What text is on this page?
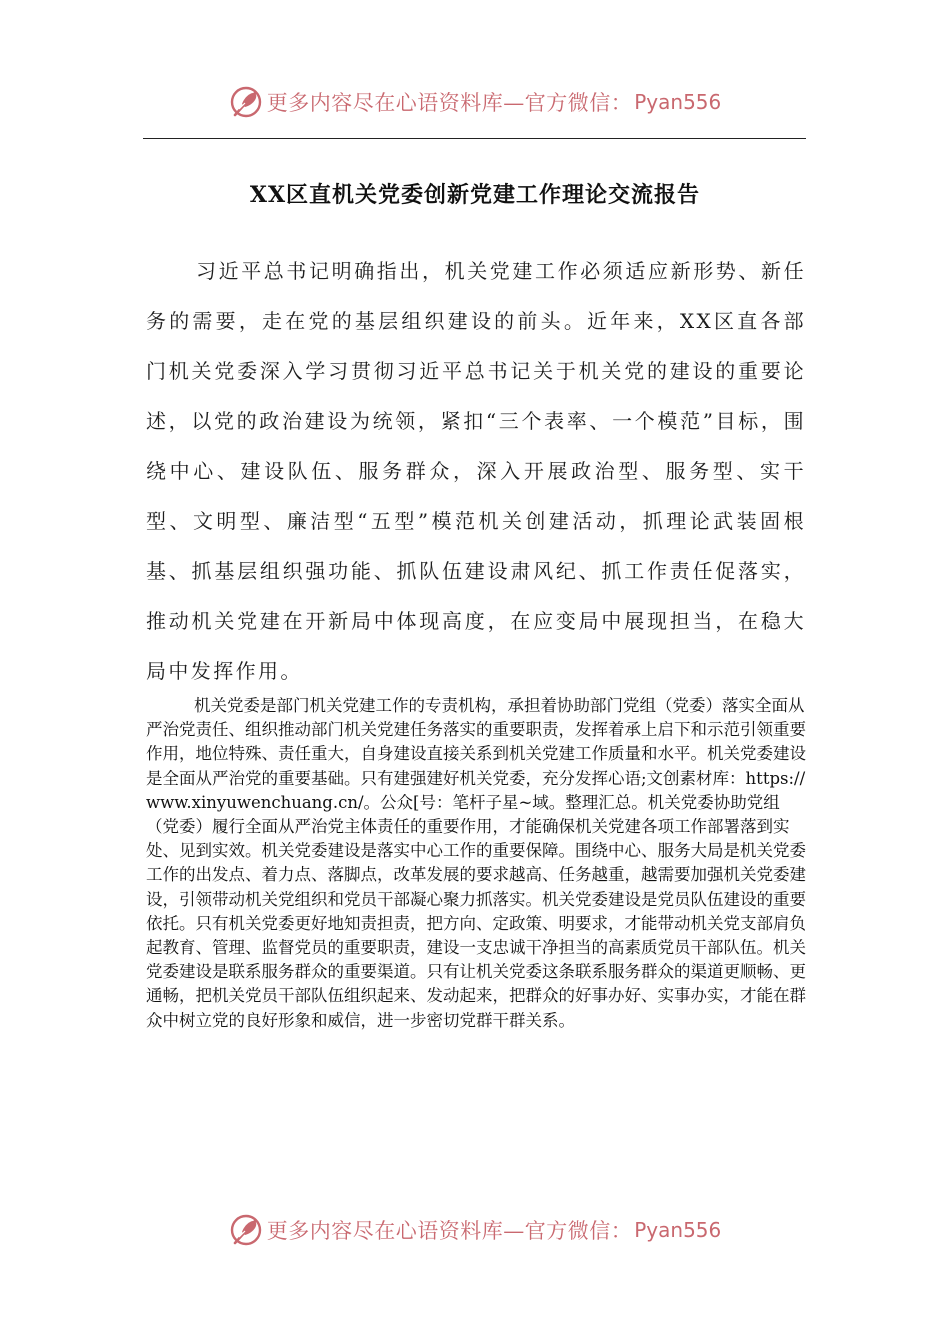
更多内容尽在心语资料库—官方微信： Pyan556
XX区直机关党委创新党建工作理论交流报告

习近平总书记明确指出，机关党建工作必须适应新形势、新任务的需要，走在党的基层组织建设的前头。近年来，XX区直各部门机关党委深入学习贯彻习近平总书记关于机关党的建设的重要论述，以党的政治建设为统领，紧扣“三个表率、一个模范”目标，围绕中心、建设队伍、服务群众，深入开展政治型、服务型、实干型、文明型、廉洁型“五型”模范机关创建活动，抓理论武装固根基、抓基层组织强功能、抓队伍建设肃风纪、抓工作责任促落实，推动机关党建在开新局中体现高度，在应变局中展现担当，在稳大局中发挥作用。

机关党委是部门机关党建工作的专责机构，承担着协助部门党组（党委）落实全面从严治党责任、组织推动部门机关党建任务落实的重要职责，发挥着承上启下和示范引领重要作用，地位特殊、责任重大，自身建设直接关系到机关党建工作质量和水平。机关党委建设是全面从严治党的重要基础。只有建强建好机关党委，充分发挥心语;文创素材库：https://www.xinyuwenchuang.cn/。公众[号：笔杆子星~域。整理汇总。机关党委协助党组（党委）履行全面从严治党主体责任的重要作用，才能确保机关党建各项工作部署落到实处、见到实效。机关党委建设是落实中心工作的重要保障。围绕中心、服务大局是机关党委工作的出发点、着力点、落脚点，改革发展的要求越高、任务越重，越需要加强机关党委建设，引领带动机关党组织和党员干部凝心聚力抓落实。机关党委建设是党员队伍建设的重要依托。只有机关党委更好地知责担责，把方向、定政策、明要求，才能带动机关党支部肩负起教育、管理、监督党员的重要职责，建设一支忠诚干净担当的高素质党员干部队伍。机关党委建设是联系服务群众的重要渠道。只有让机关党委这条联系服务群众的渠道更顺畅、更通畅，把机关党员干部队伍组织起来、发动起来，把群众的好事办好、实事办实，才能在群众中树立党的良好形象和威信，进一步密切党群干群关系。

更多内容尽在心语资料库—官方微信： Pyan556
